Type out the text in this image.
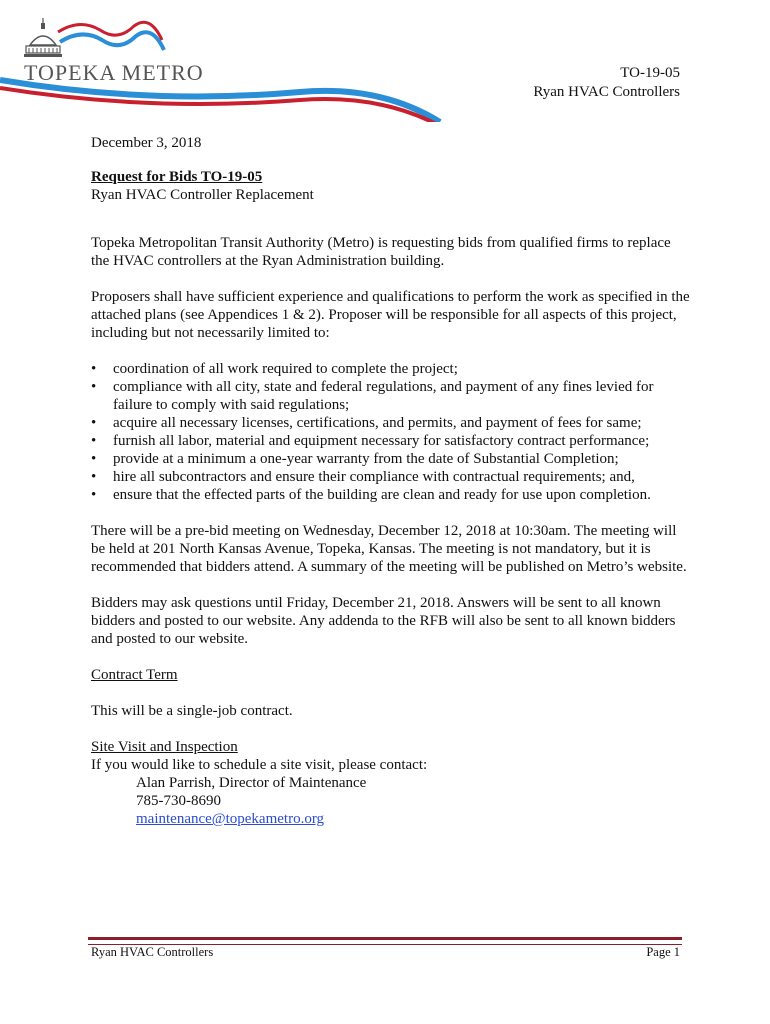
TOPEKA METRO	TO-19-05
Ryan HVAC Controllers

December 3, 2018

Request for Bids TO-19-05

Ryan HVAC Controller Replacement

Topeka Metropolitan Transit Authority (Metro) is requesting bids from qualified firms to replace the HVAC controllers at the Ryan Administration building.

Proposers shall have sufficient experience and qualifications to perform the work as specified in the attached plans (see Appendices 1 & 2). Proposer will be responsible for all aspects of this project, including but not necessarily limited to:

• coordination of all work required to complete the project;
• compliance with all city, state and federal regulations, and payment of any fines levied for failure to comply with said regulations;
• acquire all necessary licenses, certifications, and permits, and payment of fees for same;
• furnish all labor, material and equipment necessary for satisfactory contract performance;
• provide at a minimum a one-year warranty from the date of Substantial Completion;
• hire all subcontractors and ensure their compliance with contractual requirements; and,
• ensure that the effected parts of the building are clean and ready for use upon completion.

There will be a pre-bid meeting on Wednesday, December 12, 2018 at 10:30am. The meeting will be held at 201 North Kansas Avenue, Topeka, Kansas. The meeting is not mandatory, but it is recommended that bidders attend. A summary of the meeting will be published on Metro’s website.

Bidders may ask questions until Friday, December 21, 2018. Answers will be sent to all known bidders and posted to our website. Any addenda to the RFB will also be sent to all known bidders and posted to our website.

Contract Term

This will be a single-job contract.

Site Visit and Inspection

If you would like to schedule a site visit, please contact:

Alan Parrish, Director of Maintenance

785-730-8690

maintenance@topekametro.org

Ryan HVAC Controllers	Page 1
